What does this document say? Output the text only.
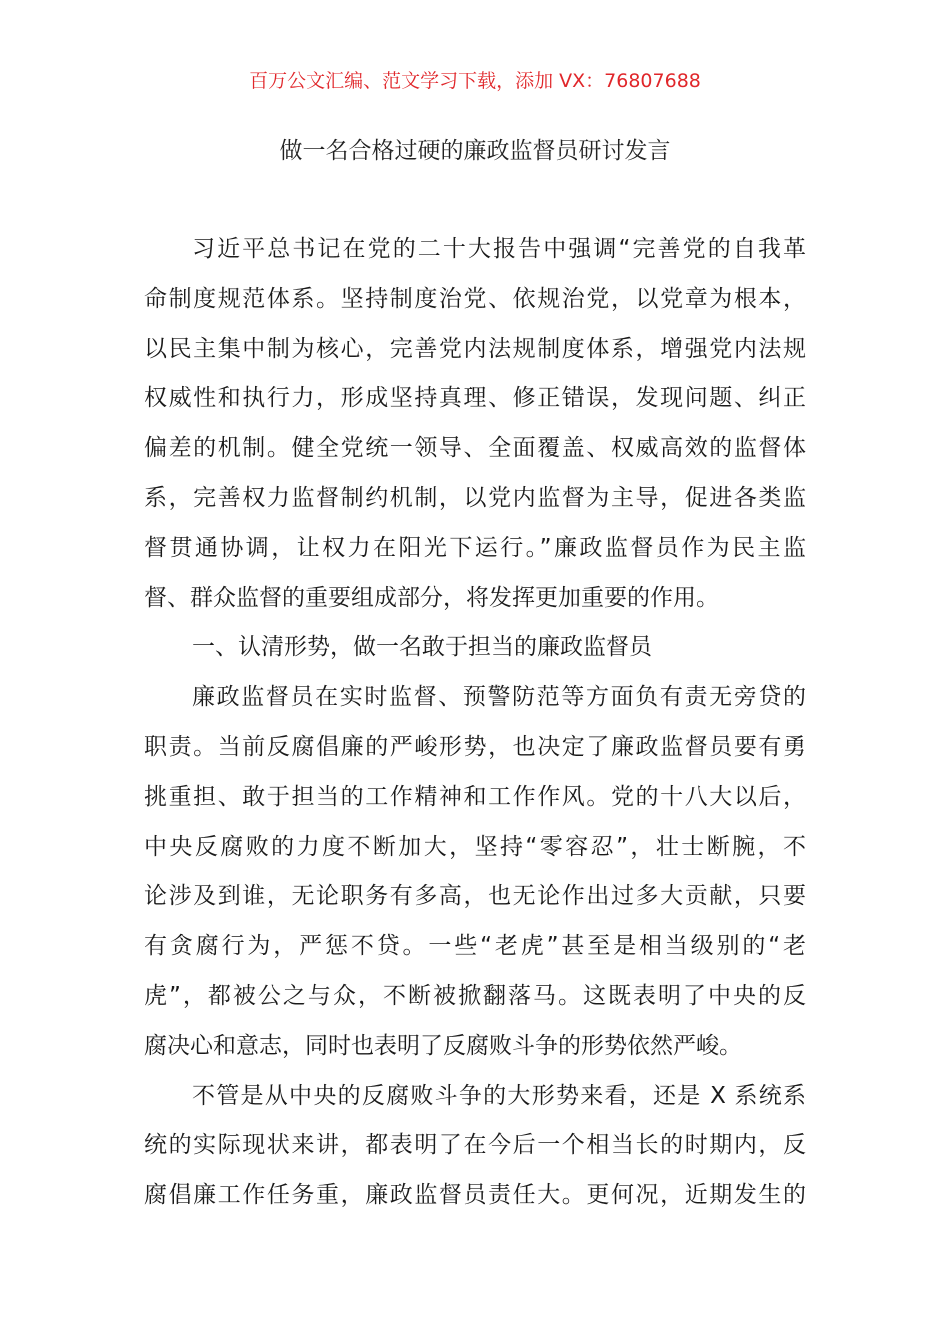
百万公文汇编、范文学习下载，添加 VX：76807688
做一名合格过硬的廉政监督员研讨发言
习近平总书记在党的二十大报告中强调“完善党的自我革
命制度规范体系。坚持制度治党、依规治党，以党章为根本，
以民主集中制为核心，完善党内法规制度体系，增强党内法规
权威性和执行力，形成坚持真理、修正错误，发现问题、纠正
偏差的机制。健全党统一领导、全面覆盖、权威高效的监督体
系，完善权力监督制约机制，以党内监督为主导，促进各类监
督贯通协调，让权力在阳光下运行。”廉政监督员作为民主监
督、群众监督的重要组成部分，将发挥更加重要的作用。
一、认清形势，做一名敢于担当的廉政监督员
廉政监督员在实时监督、预警防范等方面负有责无旁贷的
职责。当前反腐倡廉的严峻形势，也决定了廉政监督员要有勇
挑重担、敢于担当的工作精神和工作作风。党的十八大以后，
中央反腐败的力度不断加大，坚持“零容忍”，壮士断腕，不
论涉及到谁，无论职务有多高，也无论作出过多大贡献，只要
有贪腐行为，严惩不贷。一些“老虎”甚至是相当级别的“老
虎”，都被公之与众，不断被掀翻落马。这既表明了中央的反
腐决心和意志，同时也表明了反腐败斗争的形势依然严峻。
不管是从中央的反腐败斗争的大形势来看，还是 X 系统系
统的实际现状来讲，都表明了在今后一个相当长的时期内，反
腐倡廉工作任务重，廉政监督员责任大。更何况，近期发生的
